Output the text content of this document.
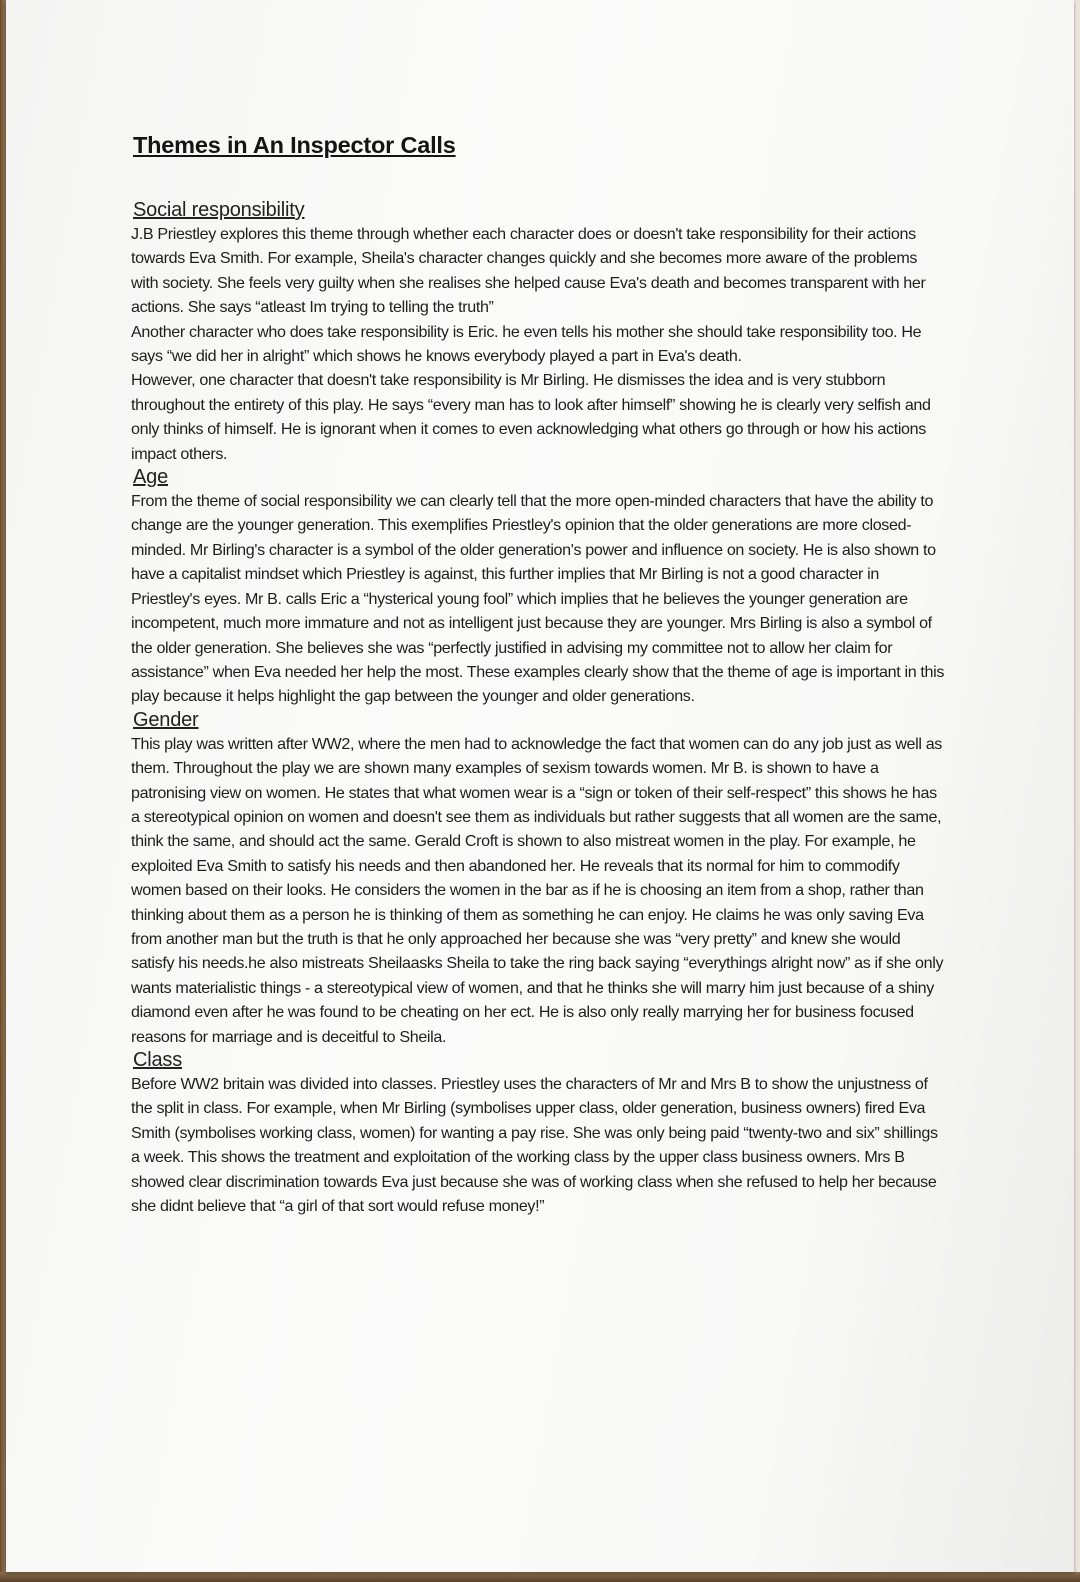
Themes in An Inspector Calls
Social responsibility

J.B Priestley explores this theme through whether each character does or doesn't take responsibility for their actions towards Eva Smith. For example, Sheila's character changes quickly and she becomes more aware of the problems with society. She feels very guilty when she realises she helped cause Eva's death and becomes transparent with her actions. She says “atleast Im trying to telling the truth”

Another character who does take responsibility is Eric. he even tells his mother she should take responsibility too. He says “we did her in alright” which shows he knows everybody played a part in Eva's death.

However, one character that doesn't take responsibility is Mr Birling. He dismisses the idea and is very stubborn throughout the entirety of this play. He says “every man has to look after himself” showing he is clearly very selfish and only thinks of himself. He is ignorant when it comes to even acknowledging what others go through or how his actions impact others.

Age

From the theme of social responsibility we can clearly tell that the more open-minded characters that have the ability to change are the younger generation. This exemplifies Priestley's opinion that the older generations are more closed-minded. Mr Birling's character is a symbol of the older generation's power and influence on society. He is also shown to have a capitalist mindset which Priestley is against, this further implies that Mr Birling is not a good character in Priestley's eyes. Mr B. calls Eric a “hysterical young fool” which implies that he believes the younger generation are incompetent, much more immature and not as intelligent just because they are younger. Mrs Birling is also a symbol of the older generation. She believes she was “perfectly justified in advising my committee not to allow her claim for assistance” when Eva needed her help the most. These examples clearly show that the theme of age is important in this play because it helps highlight the gap between the younger and older generations.

Gender

This play was written after WW2, where the men had to acknowledge the fact that women can do any job just as well as them. Throughout the play we are shown many examples of sexism towards women. Mr B. is shown to have a patronising view on women. He states that what women wear is a “sign or token of their self-respect” this shows he has a stereotypical opinion on women and doesn't see them as individuals but rather suggests that all women are the same, think the same, and should act the same. Gerald Croft is shown to also mistreat women in the play. For example, he exploited Eva Smith to satisfy his needs and then abandoned her. He reveals that its normal for him to commodify women based on their looks. He considers the women in the bar as if he is choosing an item from a shop, rather than thinking about them as a person he is thinking of them as something he can enjoy. He claims he was only saving Eva from another man but the truth is that he only approached her because she was “very pretty” and knew she would satisfy his needs.he also mistreats Sheilaasks Sheila to take the ring back saying “everythings alright now” as if she only wants materialistic things - a stereotypical view of women, and that he thinks she will marry him just because of a shiny diamond even after he was found to be cheating on her ect. He is also only really marrying her for business focused reasons for marriage and is deceitful to Sheila.

Class

Before WW2 britain was divided into classes. Priestley uses the characters of Mr and Mrs B to show the unjustness of the split in class. For example, when Mr Birling (symbolises upper class, older generation, business owners) fired Eva Smith (symbolises working class, women) for wanting a pay rise. She was only being paid “twenty-two and six” shillings a week. This shows the treatment and exploitation of the working class by the upper class business owners. Mrs B showed clear discrimination towards Eva just because she was of working class when she refused to help her because she didnt believe that “a girl of that sort would refuse money!”
